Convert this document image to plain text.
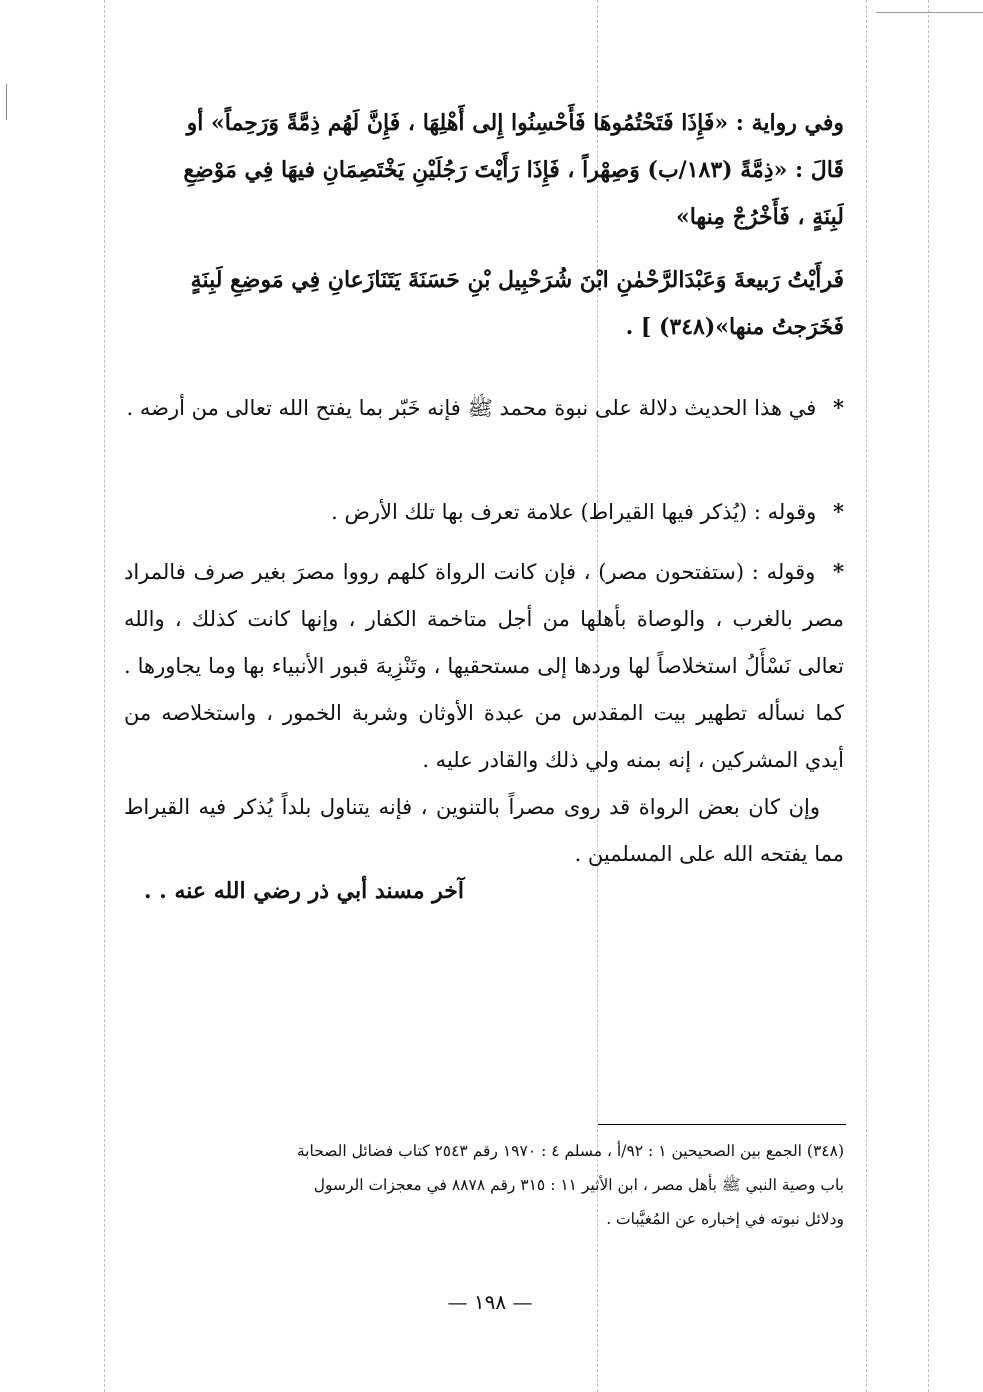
وفي رواية : «فَإِذَا فَتَحْتُمُوهَا فَأَحْسِنُوا إِلى أَهْلِهَا ، فَإِنَّ لَهُم ذِمَّةً وَرَحِماً» أو

قَالَ : «ذِمَّةً (١٨٣/ب) وَصِهْراً ، فَإِذَا رَأَيْتَ رَجُلَيْنِ يَخْتَصِمَانِ فيهَا فِي مَوْضِعِ

لَبِنَةٍ ، فَأَخْرُجْ مِنها»

فَرأَيْتُ رَبيعةَ وَعَبْدَالرَّحْمٰنِ ابْنَ شُرَحْبِيل بْنِ حَسَنَةَ يَتَنَازَعانِ فِي مَوضِعِ لَبِنَةٍ

فَخَرَجتُ منها»(٣٤٨) ] .

* في هذا الحديث دلالة على نبوة محمد ﷺ فإنه خَبّر بما يفتح الله تعالى من أرضه .

* وقوله : (يُذكر فيها القيراط) علامة تعرف بها تلك الأرض .

* وقوله : (ستفتحون مصر) ، فإن كانت الرواة كلهم رووا مصرَ بغير صرف فالمراد مصر بالغرب ، والوصاة بأهلها من أجل متاخمة الكفار ، وإنها كانت كذلك ، والله تعالى نَسْأَلُ استخلاصاً لها وردها إلى مستحقيها ، وتَنْزِيهَ قبور الأنبياء بها وما يجاورها . كما نسأله تطهير بيت المقدس من عبدة الأوثان وشربة الخمور ، واستخلاصه من أيدي المشركين ، إنه بمنه ولي ذلك والقادر عليه .

وإن كان بعض الرواة قد روى مصراً بالتنوين ، فإنه يتناول بلداً يُذكر فيه القيراط مما يفتحه الله على المسلمين .

آخر مسند أبي ذر رضي الله عنه . .

(٣٤٨) الجمع بين الصحيحين ١ : ٩٢/أ ، مسلم ٤ : ١٩٧٠ رقم ٢٥٤٣ كتاب فضائل الصحابة

باب وصية النبي ﷺ بأهل مصر ، ابن الأثير ١١ : ٣١٥ رقم ٨٨٧٨ في معجزات الرسول

ودلائل نبوته في إخباره عن المُغيَّبات .

— ١٩٨ —
